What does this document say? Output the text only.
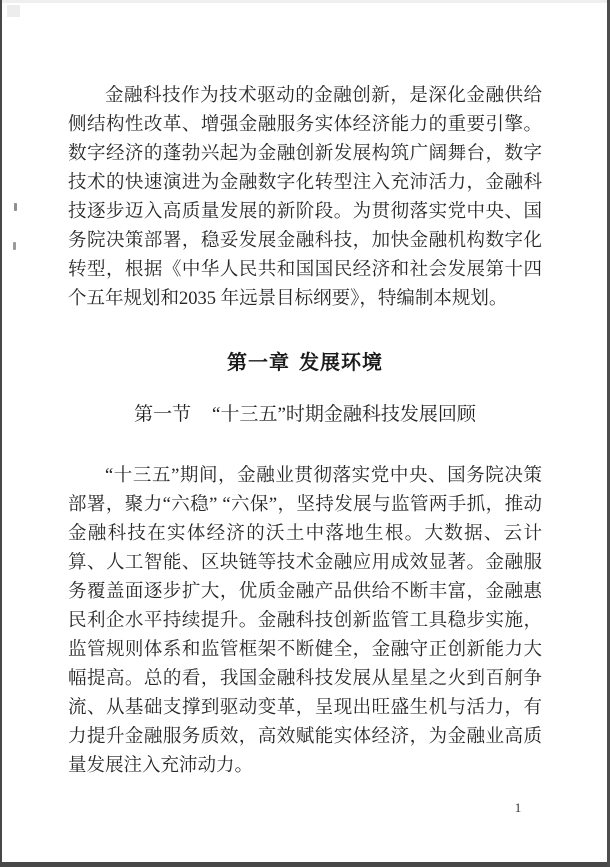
金融科技作为技术驱动的金融创新，是深化金融供给侧结构性改革、增强金融服务实体经济能力的重要引擎。数字经济的蓬勃兴起为金融创新发展构筑广阔舞台，数字技术的快速演进为金融数字化转型注入充沛活力，金融科技逐步迈入高质量发展的新阶段。为贯彻落实党中央、国务院决策部署，稳妥发展金融科技，加快金融机构数字化转型，根据《中华人民共和国国民经济和社会发展第十四个五年规划和2035 年远景目标纲要》，特编制本规划。

第一章 发展环境
第一节 “十三五”时期金融科技发展回顾

“十三五”期间，金融业贯彻落实党中央、国务院决策部署，聚力“六稳” “六保”，坚持发展与监管两手抓，推动金融科技在实体经济的沃土中落地生根。大数据、云计算、人工智能、区块链等技术金融应用成效显著。金融服务覆盖面逐步扩大，优质金融产品供给不断丰富，金融惠民利企水平持续提升。金融科技创新监管工具稳步实施，监管规则体系和监管框架不断健全，金融守正创新能力大幅提高。总的看，我国金融科技发展从星星之火到百舸争流、从基础支撑到驱动变革，呈现出旺盛生机与活力，有力提升金融服务质效，高效赋能实体经济，为金融业高质量发展注入充沛动力。

1
